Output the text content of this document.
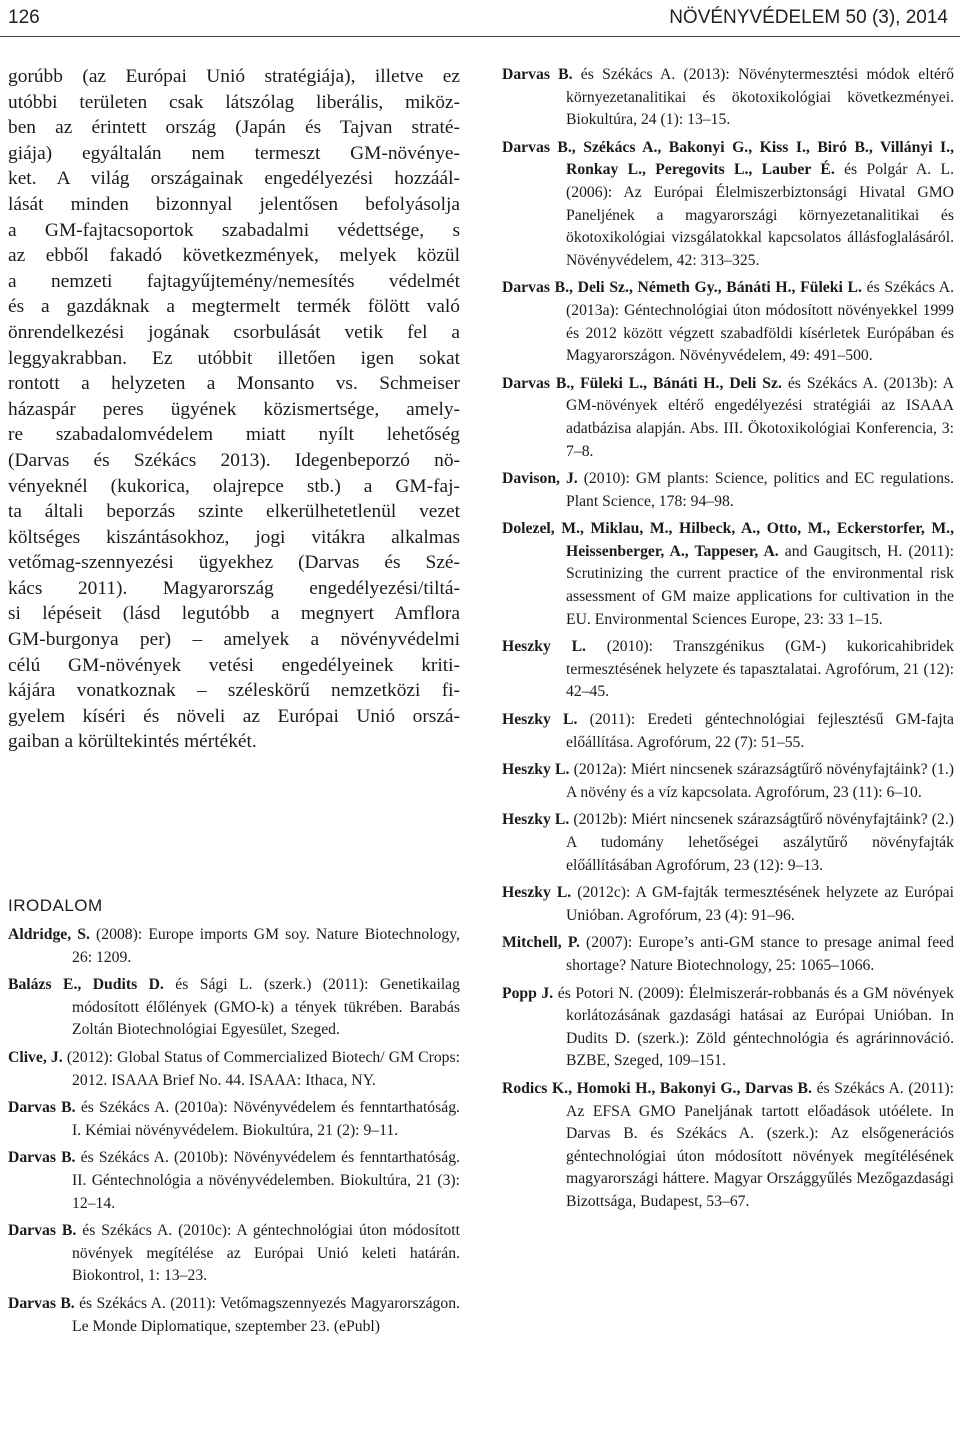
126	NÖVÉNYVÉDELEM 50 (3), 2014
gorúbb (az Európai Unió stratégiája), illetve ez
utóbbi területen csak látszólag liberális, miköz-
ben az érintett ország (Japán és Tajvan straté-
giája) egyáltalán nem termeszt GM-növénye-
ket. A világ országainak engedélyezési hozzáál-
lását minden bizonnyal jelentősen befolyásolja
a GM-fajtacsoportok szabadalmi védettsége, s
az ebből fakadó következmények, melyek közül
a nemzeti fajtagyűjtemény/nemesítés védelmét
és a gazdáknak a megtermelt termék fölött való
önrendelkezési jogának csorbulását vetik fel a
leggyakrabban. Ez utóbbit illetően igen sokat
rontott a helyzeten a Monsanto vs. Schmeiser
házaspár peres ügyének közismertsége, amely-
re szabadalomvédelem miatt nyílt lehetőség
(Darvas és Székács 2013). Idegenbeporzó nö-
vényeknél (kukorica, olajrepce stb.) a GM-faj-
ta általi beporzás szinte elkerülhetetlenül vezet
költséges kiszántásokhoz, jogi vitákra alkalmas
vetőmag-szennyezési ügyekhez (Darvas és Szé-
kács 2011). Magyarország engedélyezési/tiltá-
si lépéseit (lásd legutóbb a megnyert Amflora
GM-burgonya per) – amelyek a növényvédelmi
célú GM-növények vetési engedélyeinek kriti-
kájára vonatkoznak – széleskörű nemzetközi fi-
gyelem kíséri és növeli az Európai Unió orszá-
gaiban a körültekintés mértékét.
IRODALOM
Aldridge, S. (2008): Europe imports GM soy. Nature Biotechnology, 26: 1209.
Balázs E., Dudits D. és Sági L. (szerk.) (2011): Genetikailag módosított élőlények (GMO-k) a tények tükrében. Barabás Zoltán Biotechnológiai Egyesület, Szeged.
Clive, J. (2012): Global Status of Commercialized Biotech/ GM Crops: 2012. ISAAA Brief No. 44. ISAAA: Ithaca, NY.
Darvas B. és Székács A. (2010a): Növényvédelem és fenntarthatóság. I. Kémiai növényvédelem. Biokultúra, 21 (2): 9–11.
Darvas B. és Székács A. (2010b): Növényvédelem és fenntarthatóság. II. Géntechnológia a növényvédelemben. Biokultúra, 21 (3): 12–14.
Darvas B. és Székács A. (2010c): A géntechnológiai úton módosított növények megítélése az Európai Unió keleti határán. Biokontrol, 1: 13–23.
Darvas B. és Székács A. (2011): Vetőmagszennyezés Magyarországon. Le Monde Diplomatique, szeptember 23. (ePubl)
Darvas B. és Székács A. (2013): Növénytermesztési módok eltérő környezetanalitikai és ökotoxikológiai következményei. Biokultúra, 24 (1): 13–15.
Darvas B., Székács A., Bakonyi G., Kiss I., Biró B., Villányi I., Ronkay L., Peregovits L., Lauber É. és Polgár A. L. (2006): Az Európai Élelmiszerbiztonsági Hivatal GMO Paneljének a magyarországi környezetanalitikai és ökotoxikológiai vizsgálatokkal kapcsolatos állásfoglalásáról. Növényvédelem, 42: 313–325.
Darvas B., Deli Sz., Németh Gy., Bánáti H., Füleki L. és Székács A. (2013a): Géntechnológiai úton módosított növényekkel 1999 és 2012 között végzett szabadföldi kísérletek Európában és Magyarországon. Növényvédelem, 49: 491–500.
Darvas B., Füleki L., Bánáti H., Deli Sz. és Székács A. (2013b): A GM-növények eltérő engedélyezési stratégiái az ISAAA adatbázisa alapján. Abs. III. Ökotoxikológiai Konferencia, 3: 7–8.
Davison, J. (2010): GM plants: Science, politics and EC regulations. Plant Science, 178: 94–98.
Dolezel, M., Miklau, M., Hilbeck, A., Otto, M., Eckerstorfer, M., Heissenberger, A., Tappeser, A. and Gaugitsch, H. (2011): Scrutinizing the current practice of the environmental risk assessment of GM maize applications for cultivation in the EU. Environmental Sciences Europe, 23: 33 1–15.
Heszky L. (2010): Transzgénikus (GM-) kukoricahibridek termesztésének helyzete és tapasztalatai. Agrofórum, 21 (12): 42–45.
Heszky L. (2011): Eredeti géntechnológiai fejlesztésű GM-fajta előállítása. Agrofórum, 22 (7): 51–55.
Heszky L. (2012a): Miért nincsenek szárazságtűrő növényfajtáink? (1.) A növény és a víz kapcsolata. Agrofórum, 23 (11): 6–10.
Heszky L. (2012b): Miért nincsenek szárazságtűrő növényfajtáink? (2.) A tudomány lehetőségei aszálytűrő növényfajták előállításában Agrofórum, 23 (12): 9–13.
Heszky L. (2012c): A GM-fajták termesztésének helyzete az Európai Unióban. Agrofórum, 23 (4): 91–96.
Mitchell, P. (2007): Europe’s anti-GM stance to presage animal feed shortage? Nature Biotechnology, 25: 1065–1066.
Popp J. és Potori N. (2009): Élelmiszerár-robbanás és a GM növények korlátozásának gazdasági hatásai az Európai Unióban. In Dudits D. (szerk.): Zöld géntechnológia és agrárinnováció. BZBE, Szeged, 109–151.
Rodics K., Homoki H., Bakonyi G., Darvas B. és Székács A. (2011): Az EFSA GMO Paneljának tartott előadások utóélete. In Darvas B. és Székács A. (szerk.): Az elsőgenerációs géntechnológiai úton módosított növények megítélésének magyarországi háttere. Magyar Országgyűlés Mezőgazdasági Bizottsága, Budapest, 53–67.
